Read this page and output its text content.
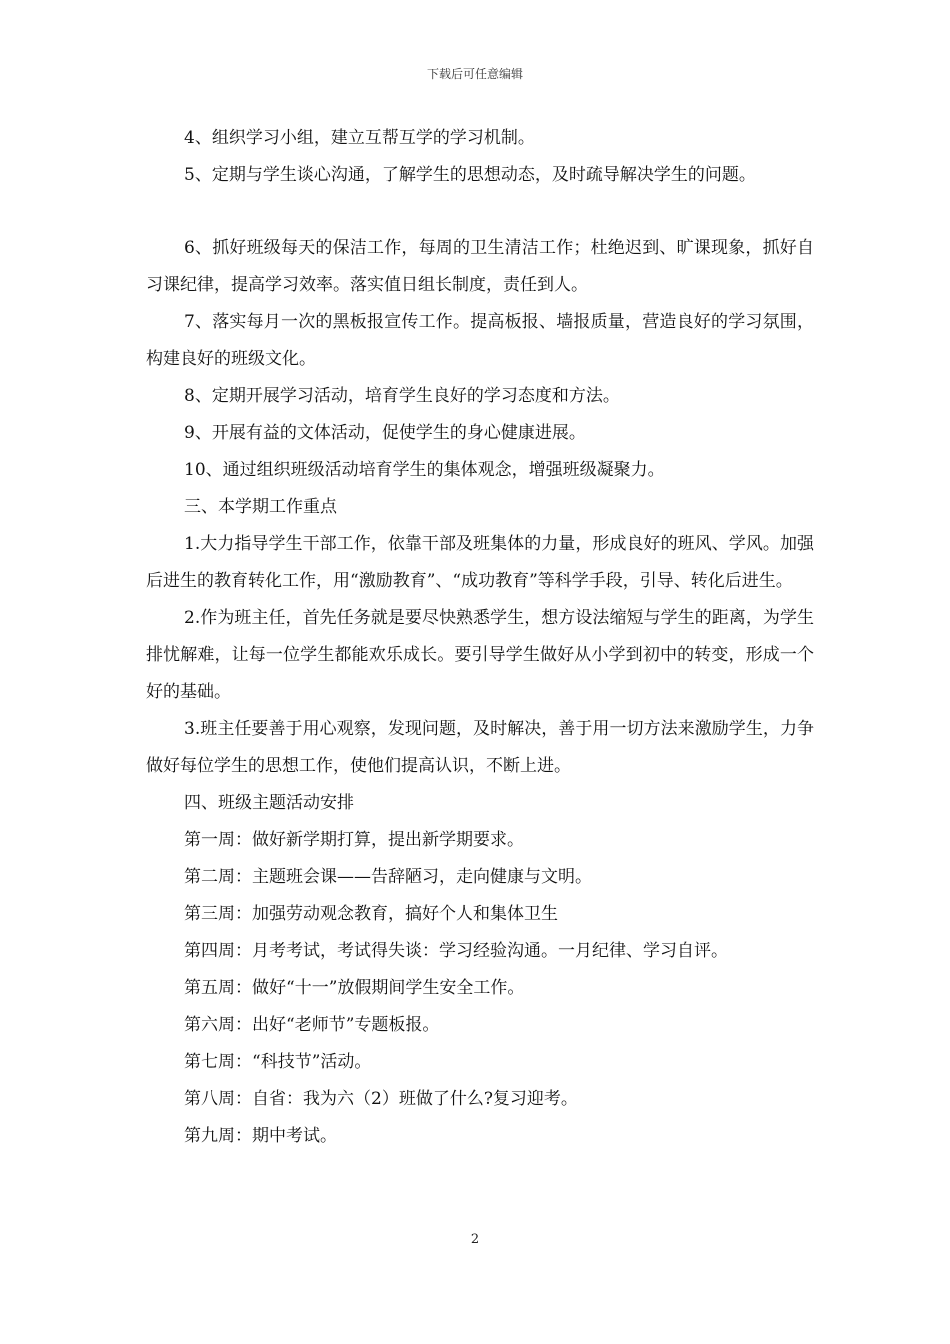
下载后可任意编辑

4、组织学习小组，建立互帮互学的学习机制。

5、定期与学生谈心沟通，了解学生的思想动态，及时疏导解决学生的问题。

6、抓好班级每天的保洁工作，每周的卫生清洁工作；杜绝迟到、旷课现象，抓好自习课纪律，提高学习效率。落实值日组长制度，责任到人。

7、落实每月一次的黑板报宣传工作。提高板报、墙报质量，营造良好的学习氛围，构建良好的班级文化。

8、定期开展学习活动，培育学生良好的学习态度和方法。

9、开展有益的文体活动，促使学生的身心健康进展。

10、通过组织班级活动培育学生的集体观念，增强班级凝聚力。

三、本学期工作重点

1.大力指导学生干部工作，依靠干部及班集体的力量，形成良好的班风、学风。加强后进生的教育转化工作，用“激励教育”、“成功教育”等科学手段，引导、转化后进生。

2.作为班主任，首先任务就是要尽快熟悉学生，想方设法缩短与学生的距离，为学生排忧解难，让每一位学生都能欢乐成长。要引导学生做好从小学到初中的转变，形成一个好的基础。

3.班主任要善于用心观察，发现问题，及时解决，善于用一切方法来激励学生，力争做好每位学生的思想工作，使他们提高认识，不断上进。

四、班级主题活动安排

第一周：做好新学期打算，提出新学期要求。

第二周：主题班会课——告辞陋习，走向健康与文明。

第三周：加强劳动观念教育，搞好个人和集体卫生

第四周：月考考试，考试得失谈：学习经验沟通。一月纪律、学习自评。

第五周：做好“十一”放假期间学生安全工作。

第六周：出好“老师节”专题板报。

第七周：“科技节”活动。

第八周：自省：我为六（2）班做了什么?复习迎考。

第九周：期中考试。

2
